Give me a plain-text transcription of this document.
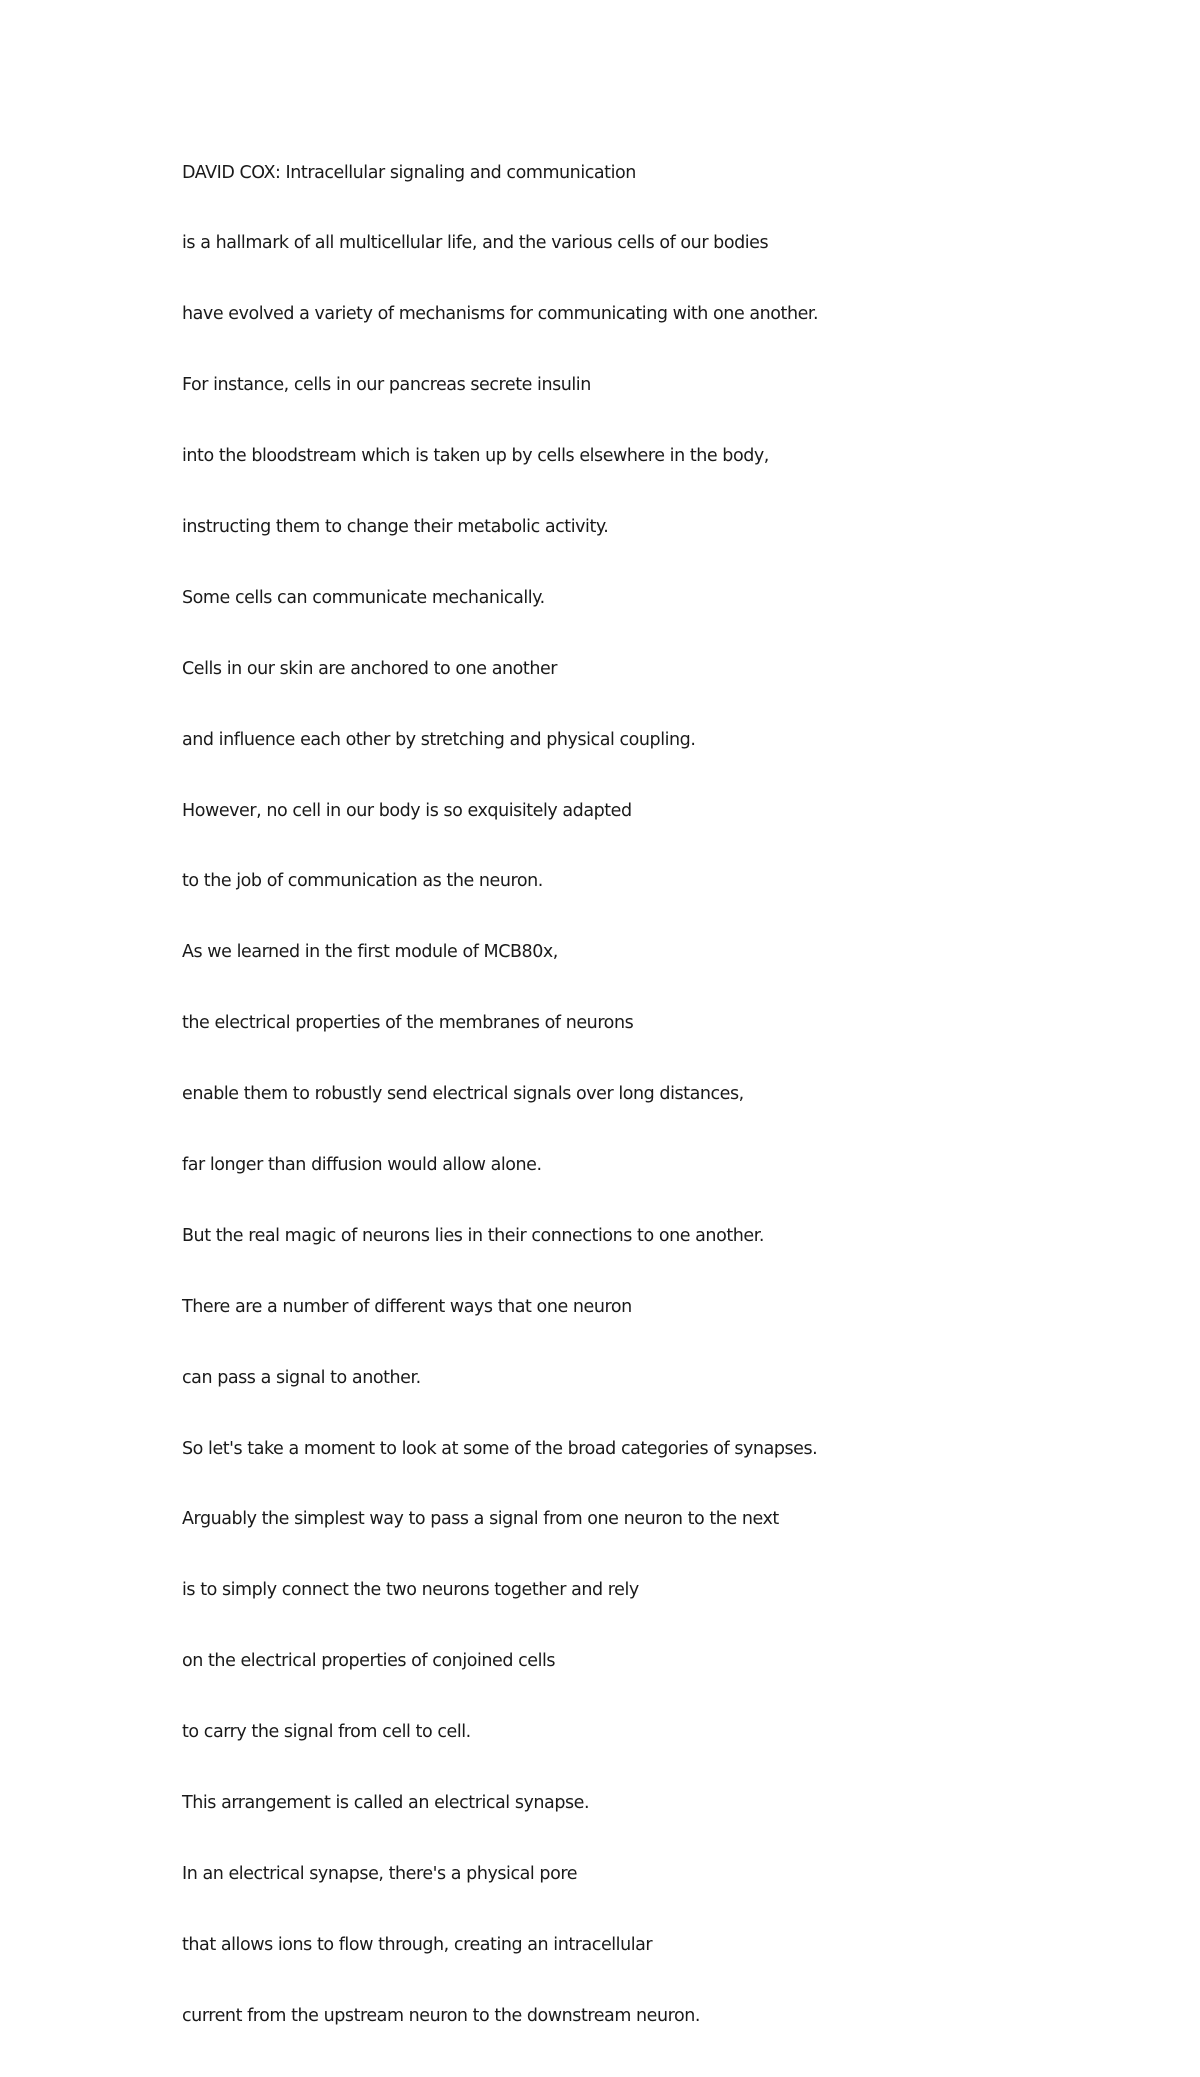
DAVID COX: Intracellular signaling and communication

is a hallmark of all multicellular life, and the various cells of our bodies

have evolved a variety of mechanisms for communicating with one another.

For instance, cells in our pancreas secrete insulin

into the bloodstream which is taken up by cells elsewhere in the body,

instructing them to change their metabolic activity.

Some cells can communicate mechanically.

Cells in our skin are anchored to one another

and influence each other by stretching and physical coupling.

However, no cell in our body is so exquisitely adapted

to the job of communication as the neuron.

As we learned in the first module of MCB80x,

the electrical properties of the membranes of neurons

enable them to robustly send electrical signals over long distances,

far longer than diffusion would allow alone.

But the real magic of neurons lies in their connections to one another.

There are a number of different ways that one neuron

can pass a signal to another.

So let's take a moment to look at some of the broad categories of synapses.

Arguably the simplest way to pass a signal from one neuron to the next

is to simply connect the two neurons together and rely

on the electrical properties of conjoined cells

to carry the signal from cell to cell.

This arrangement is called an electrical synapse.

In an electrical synapse, there's a physical pore

that allows ions to flow through, creating an intracellular

current from the upstream neuron to the downstream neuron.
